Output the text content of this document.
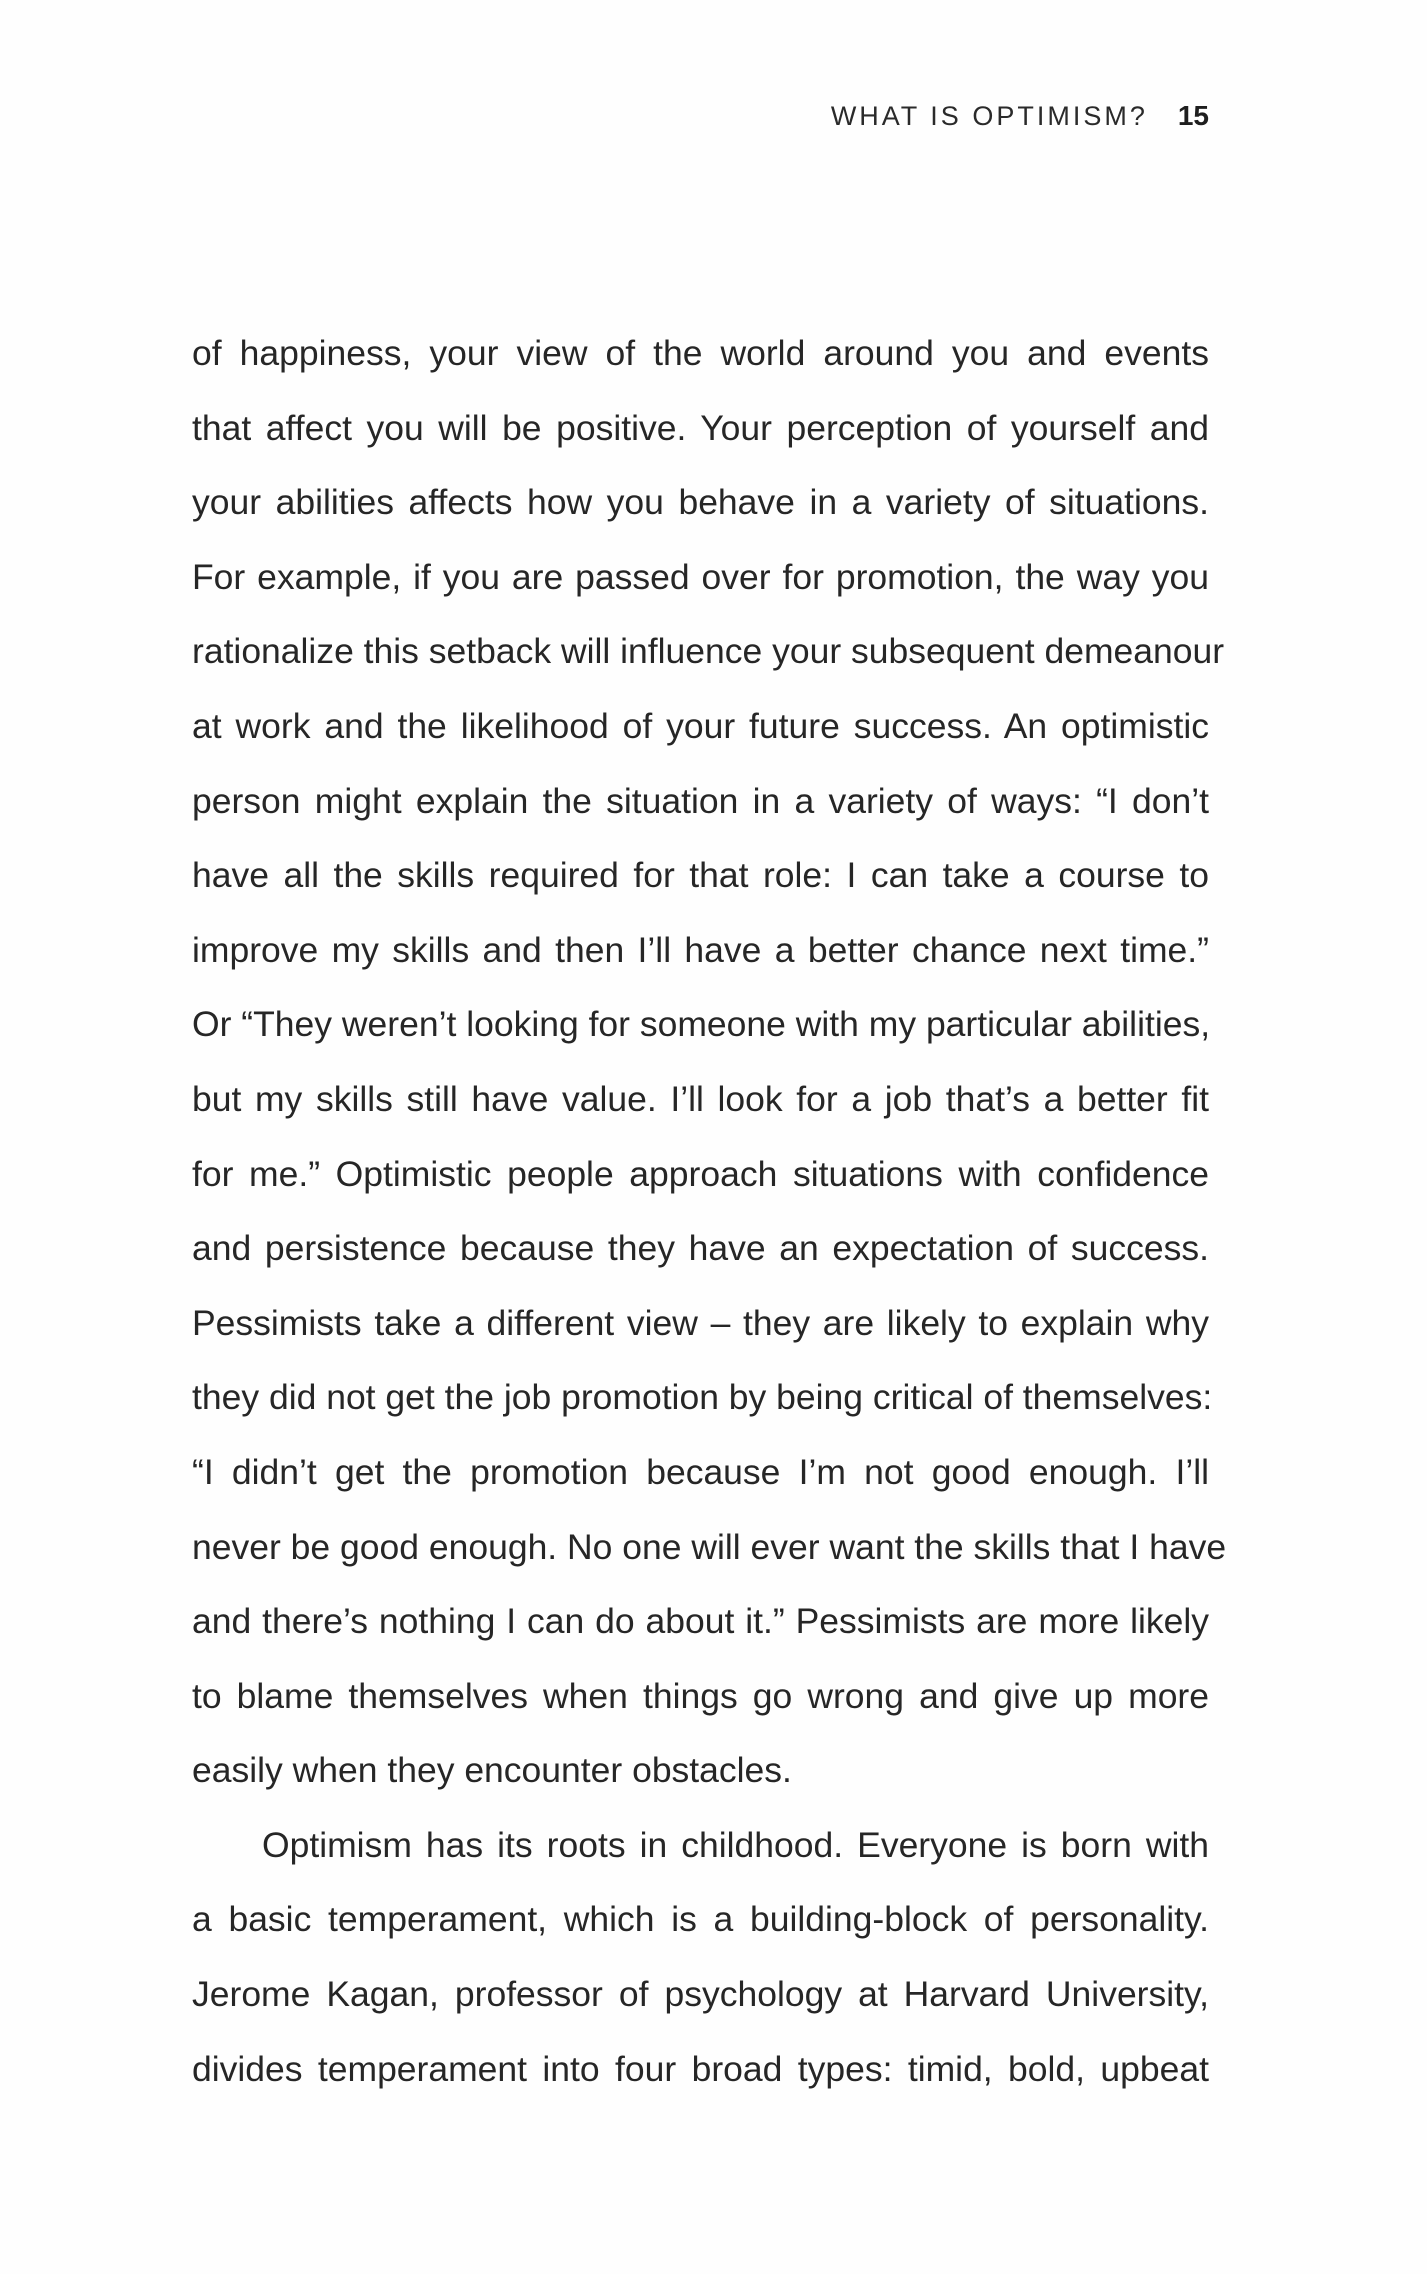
WHAT IS OPTIMISM? 15
of happiness, your view of the world around you and events
that affect you will be positive. Your perception of yourself and
your abilities affects how you behave in a variety of situations.
For example, if you are passed over for promotion, the way you
rationalize this setback will influence your subsequent demeanour
at work and the likelihood of your future success. An optimistic
person might explain the situation in a variety of ways: “I don’t
have all the skills required for that role: I can take a course to
improve my skills and then I’ll have a better chance next time.”
Or “They weren’t looking for someone with my particular abilities,
but my skills still have value. I’ll look for a job that’s a better fit
for me.” Optimistic people approach situations with confidence
and persistence because they have an expectation of success.
Pessimists take a different view – they are likely to explain why
they did not get the job promotion by being critical of themselves:
“I didn’t get the promotion because I’m not good enough. I’ll
never be good enough. No one will ever want the skills that I have
and there’s nothing I can do about it.” Pessimists are more likely
to blame themselves when things go wrong and give up more
easily when they encounter obstacles.
Optimism has its roots in childhood. Everyone is born with
a basic temperament, which is a building-block of personality.
Jerome Kagan, professor of psychology at Harvard University,
divides temperament into four broad types: timid, bold, upbeat
